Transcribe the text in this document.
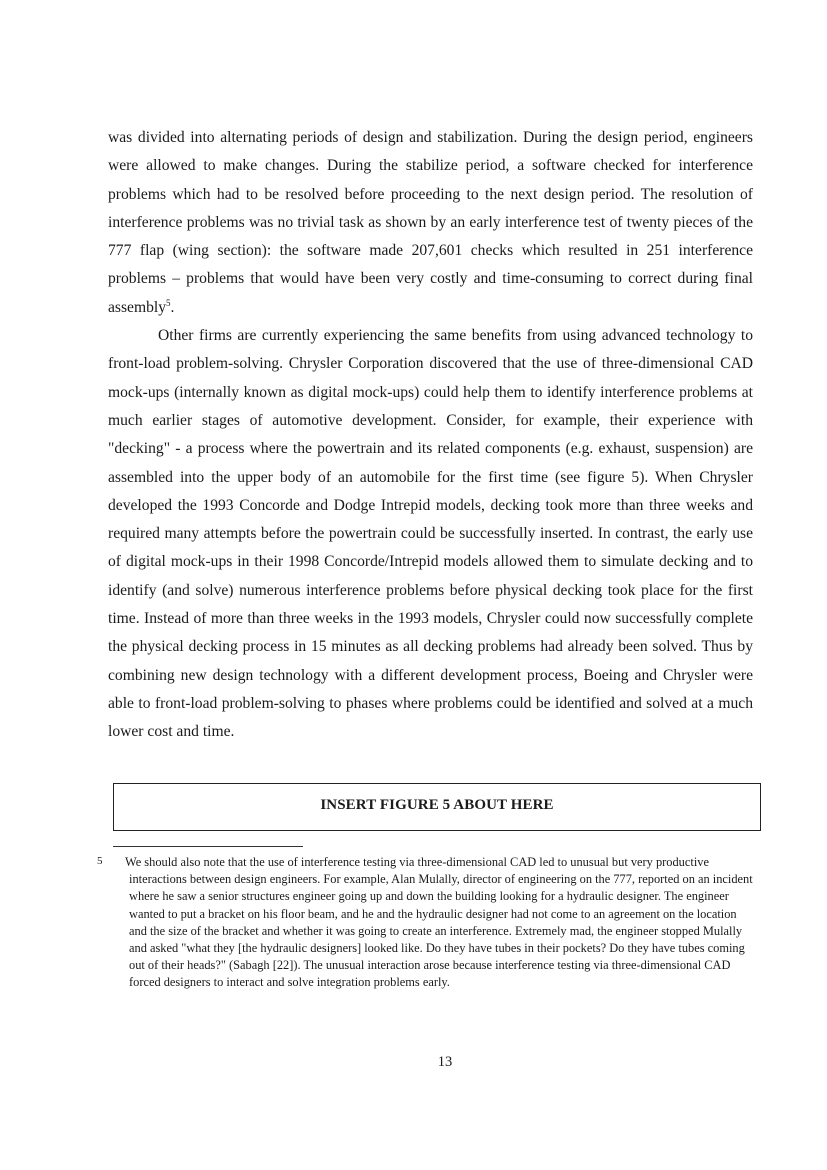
was divided into alternating periods of design and stabilization. During the design period, engineers were allowed to make changes. During the stabilize period, a software checked for interference problems which had to be resolved before proceeding to the next design period. The resolution of interference problems was no trivial task as shown by an early interference test of twenty pieces of the 777 flap (wing section): the software made 207,601 checks which resulted in 251 interference problems – problems that would have been very costly and time-consuming to correct during final assembly$^5$.

Other firms are currently experiencing the same benefits from using advanced technology to front-load problem-solving. Chrysler Corporation discovered that the use of three-dimensional CAD mock-ups (internally known as digital mock-ups) could help them to identify interference problems at much earlier stages of automotive development. Consider, for example, their experience with "decking" - a process where the powertrain and its related components (e.g. exhaust, suspension) are assembled into the upper body of an automobile for the first time (see figure 5). When Chrysler developed the 1993 Concorde and Dodge Intrepid models, decking took more than three weeks and required many attempts before the powertrain could be successfully inserted. In contrast, the early use of digital mock-ups in their 1998 Concorde/Intrepid models allowed them to simulate decking and to identify (and solve) numerous interference problems before physical decking took place for the first time. Instead of more than three weeks in the 1993 models, Chrysler could now successfully complete the physical decking process in 15 minutes as all decking problems had already been solved. Thus by combining new design technology with a different development process, Boeing and Chrysler were able to front-load problem-solving to phases where problems could be identified and solved at a much lower cost and time.

INSERT FIGURE 5 ABOUT HERE
5 We should also note that the use of interference testing via three-dimensional CAD led to unusual but very productive interactions between design engineers. For example, Alan Mulally, director of engineering on the 777, reported on an incident where he saw a senior structures engineer going up and down the building looking for a hydraulic designer. The engineer wanted to put a bracket on his floor beam, and he and the hydraulic designer had not come to an agreement on the location and the size of the bracket and whether it was going to create an interference. Extremely mad, the engineer stopped Mulally and asked "what they [the hydraulic designers] looked like. Do they have tubes in their pockets? Do they have tubes coming out of their heads?" (Sabagh [22]). The unusual interaction arose because interference testing via three-dimensional CAD forced designers to interact and solve integration problems early.
13
